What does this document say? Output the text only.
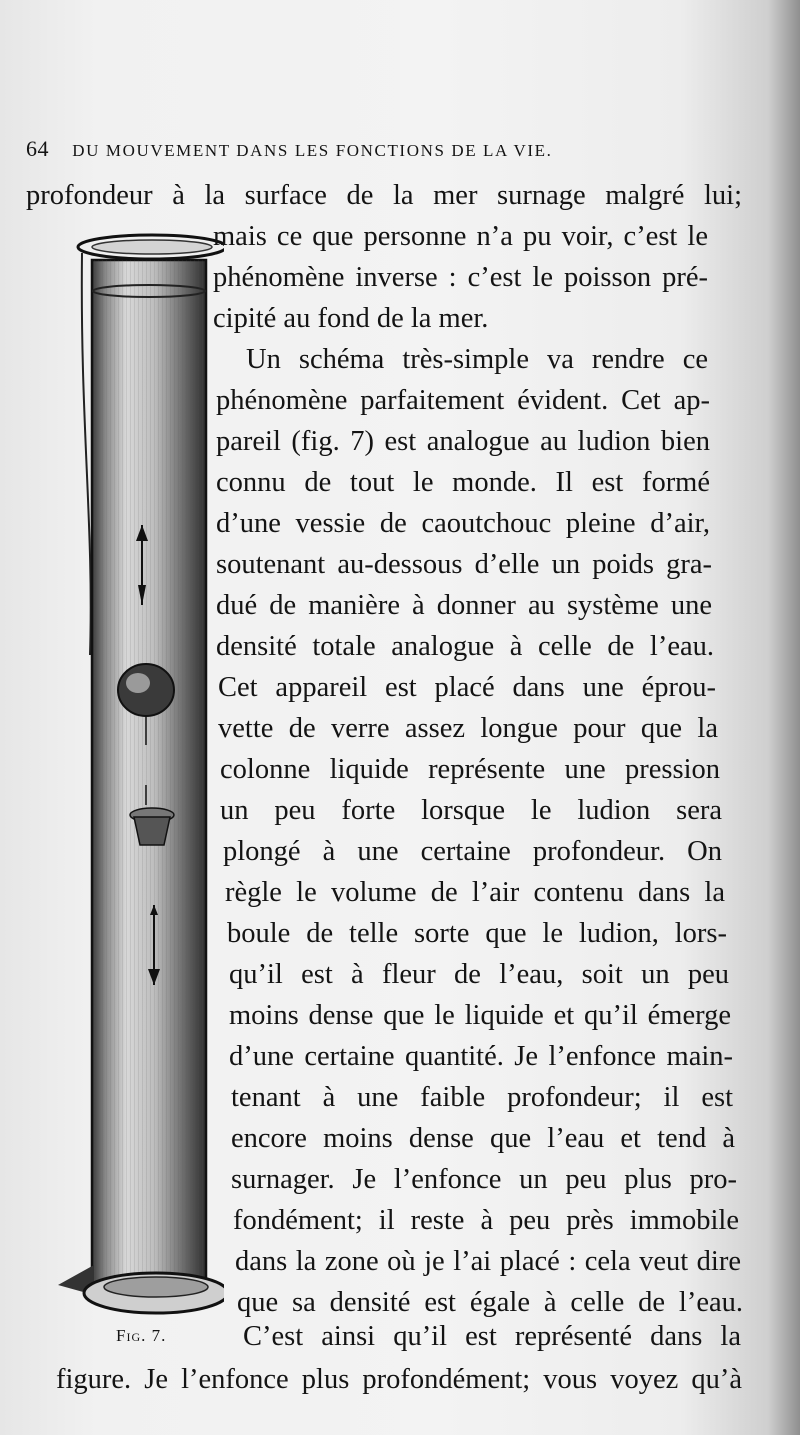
64 DU MOUVEMENT DANS LES FONCTIONS DE LA VIE.
Fig. 7.
profondeur à la surface de la mer surnage malgré lui;
mais ce que personne n’a pu voir, c’est le
phénomène inverse : c’est le poisson pré-
cipité au fond de la mer.
Un schéma très-simple va rendre ce
phénomène parfaitement évident. Cet ap-
pareil (fig. 7) est analogue au ludion bien
connu de tout le monde. Il est formé
d’une vessie de caoutchouc pleine d’air,
soutenant au-dessous d’elle un poids gra-
dué de manière à donner au système une
densité totale analogue à celle de l’eau.
Cet appareil est placé dans une éprou-
vette de verre assez longue pour que la
colonne liquide représente une pression
un peu forte lorsque le ludion sera
plongé à une certaine profondeur. On
règle le volume de l’air contenu dans la
boule de telle sorte que le ludion, lors-
qu’il est à fleur de l’eau, soit un peu
moins dense que le liquide et qu’il émerge
d’une certaine quantité. Je l’enfonce main-
tenant à une faible profondeur; il est
encore moins dense que l’eau et tend à
surnager. Je l’enfonce un peu plus pro-
fondément; il reste à peu près immobile
dans la zone où je l’ai placé : cela veut dire
que sa densité est égale à celle de l’eau.
C’est ainsi qu’il est représenté dans la
figure. Je l’enfonce plus profondément; vous voyez qu’à
